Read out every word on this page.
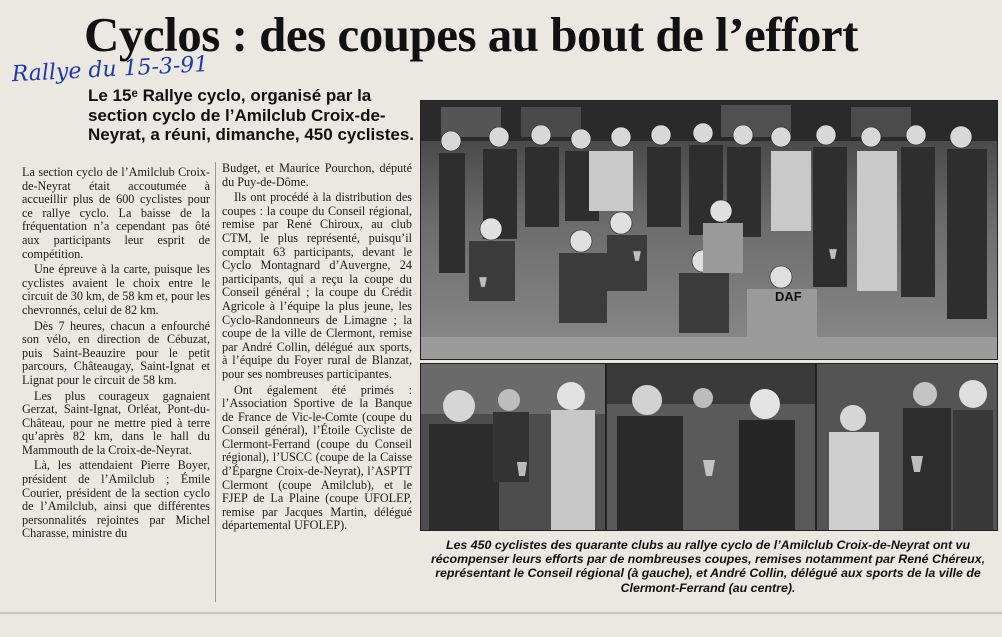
Cyclos : des coupes au bout de l’effort
Rallye du 15-3-91
Le 15ᵉ Rallye cyclo, organisé par la section cyclo de l’Amilclub Croix-de-Neyrat, a réuni, dimanche, 450 cyclistes.

La section cyclo de l’Amilclub Croix-de-Neyrat était accoutumée à accueillir plus de 600 cyclistes pour ce rallye cyclo. La baisse de la fréquentation n’a cependant pas ôté aux participants leur esprit de compétition.

Une épreuve à la carte, puisque les cyclistes avaient le choix entre le circuit de 30 km, de 58 km et, pour les chevronnés, celui de 82 km.

Dès 7 heures, chacun a enfourché son vélo, en direction de Cébuzat, puis Saint-Beauzire pour le petit parcours, Châteaugay, Saint-Ignat et Lignat pour le circuit de 58 km.

Les plus courageux gagnaient Gerzat, Saint-Ignat, Orléat, Pont-du-Château, pour ne mettre pied à terre qu’après 82 km, dans le hall du Mammouth de la Croix-de-Neyrat.

Là, les attendaient Pierre Boyer, président de l’Amilclub ; Émile Courier, président de la section cyclo de l’Amilclub, ainsi que différentes personnalités rejointes par Michel Charasse, ministre du

Budget, et Maurice Pourchon, député du Puy-de-Dôme.

Ils ont procédé à la distribution des coupes : la coupe du Conseil régional, remise par René Chiroux, au club CTM, le plus représenté, puisqu’il comptait 63 participants, devant le Cyclo Montagnard d’Auvergne, 24 participants, qui a reçu la coupe du Conseil général ; la coupe du Crédit Agricole à l’équipe la plus jeune, les Cyclo-Randonneurs de Limagne ; la coupe de la ville de Clermont, remise par André Collin, délégué aux sports, à l’équipe du Foyer rural de Blanzat, pour ses nombreuses participantes.

Ont également été primés : l’Association Sportive de la Banque de France de Vic-le-Comte (coupe du Conseil général), l’Étoile Cycliste de Clermont-Ferrand (coupe du Conseil régional), l’USCC (coupe de la Caisse d’Épargne Croix-de-Neyrat), l’ASPTT Clermont (coupe Amilclub), et le FJEP de La Plaine (coupe UFOLEP, remise par Jacques Martin, délégué départemental UFOLEP).

DAF
Les 450 cyclistes des quarante clubs au rallye cyclo de l’Amilclub Croix-de-Neyrat ont vu récompenser leurs efforts par de nombreuses coupes, remises notamment par René Chéreux, représentant le Conseil régional (à gauche), et André Collin, délégué aux sports de la ville de Clermont-Ferrand (au centre).
